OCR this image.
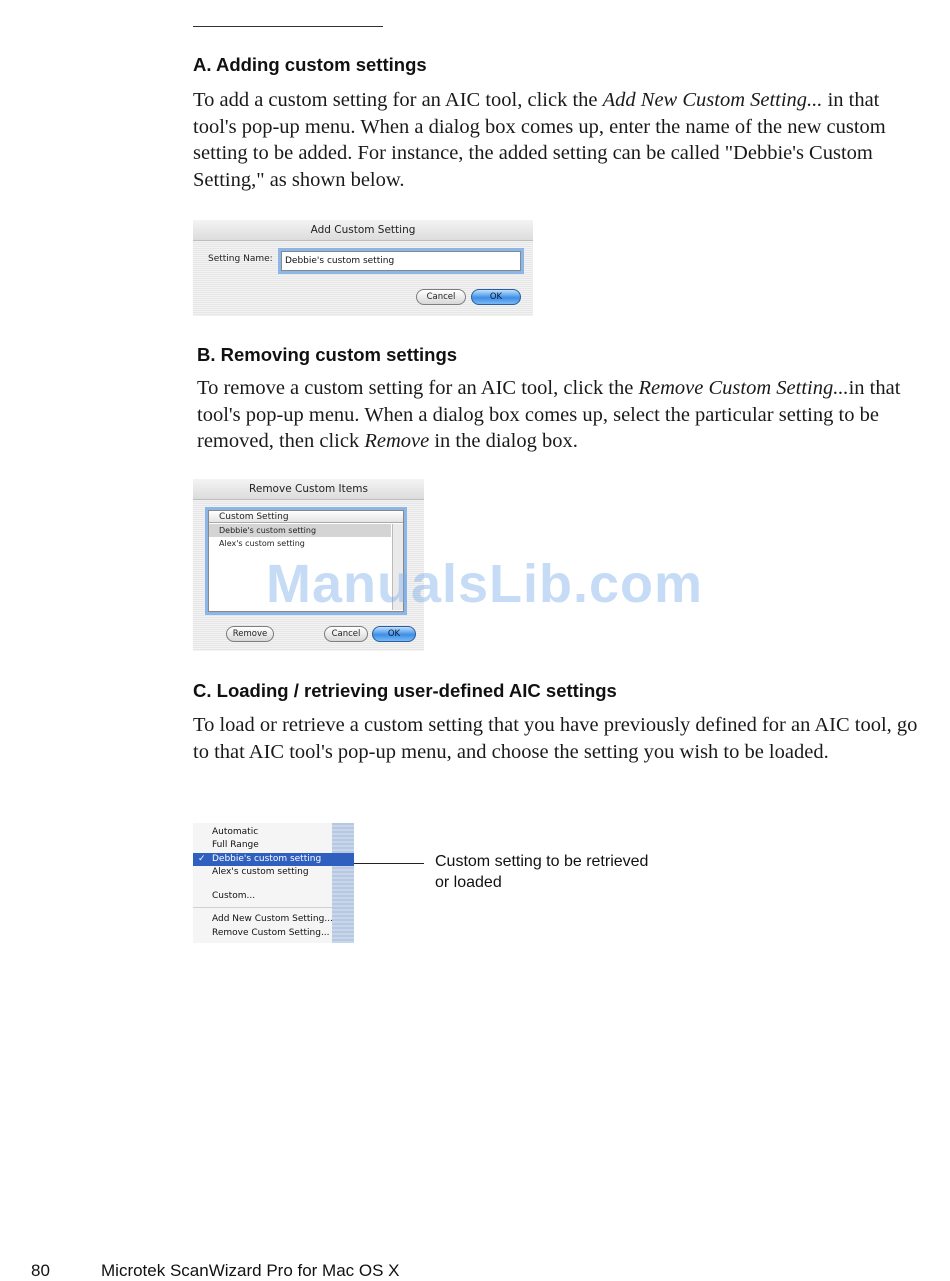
A. Adding custom settings
To add a custom setting for an AIC tool, click the Add New Custom Setting... in that tool's pop-up menu. When a dialog box comes up, enter the name of the new custom setting to be added. For instance, the added setting can be called "Debbie's Custom Setting," as shown below.
Add Custom Setting
Setting Name:	Debbie's custom setting
Cancel	OK
B. Removing custom settings
To remove a custom setting for an AIC tool, click the Remove Custom Setting...in that tool's pop-up menu. When a dialog box comes up, select the particular setting to be removed, then click Remove in the dialog box.
Remove Custom Items
Custom Setting
Debbie's custom setting
Alex's custom setting
Remove	Cancel	OK
ManualsLib.com
C. Loading / retrieving user-defined AIC settings
To load or retrieve a custom setting that you have previously defined for an AIC tool, go to that AIC tool's pop-up menu, and choose the setting you wish to be loaded.
Automatic
Full Range
✓ Debbie's custom setting
Alex's custom setting
Custom...
Add New Custom Setting...
Remove Custom Setting...
Custom setting to be retrieved
or loaded
80	Microtek ScanWizard Pro for Mac OS X
